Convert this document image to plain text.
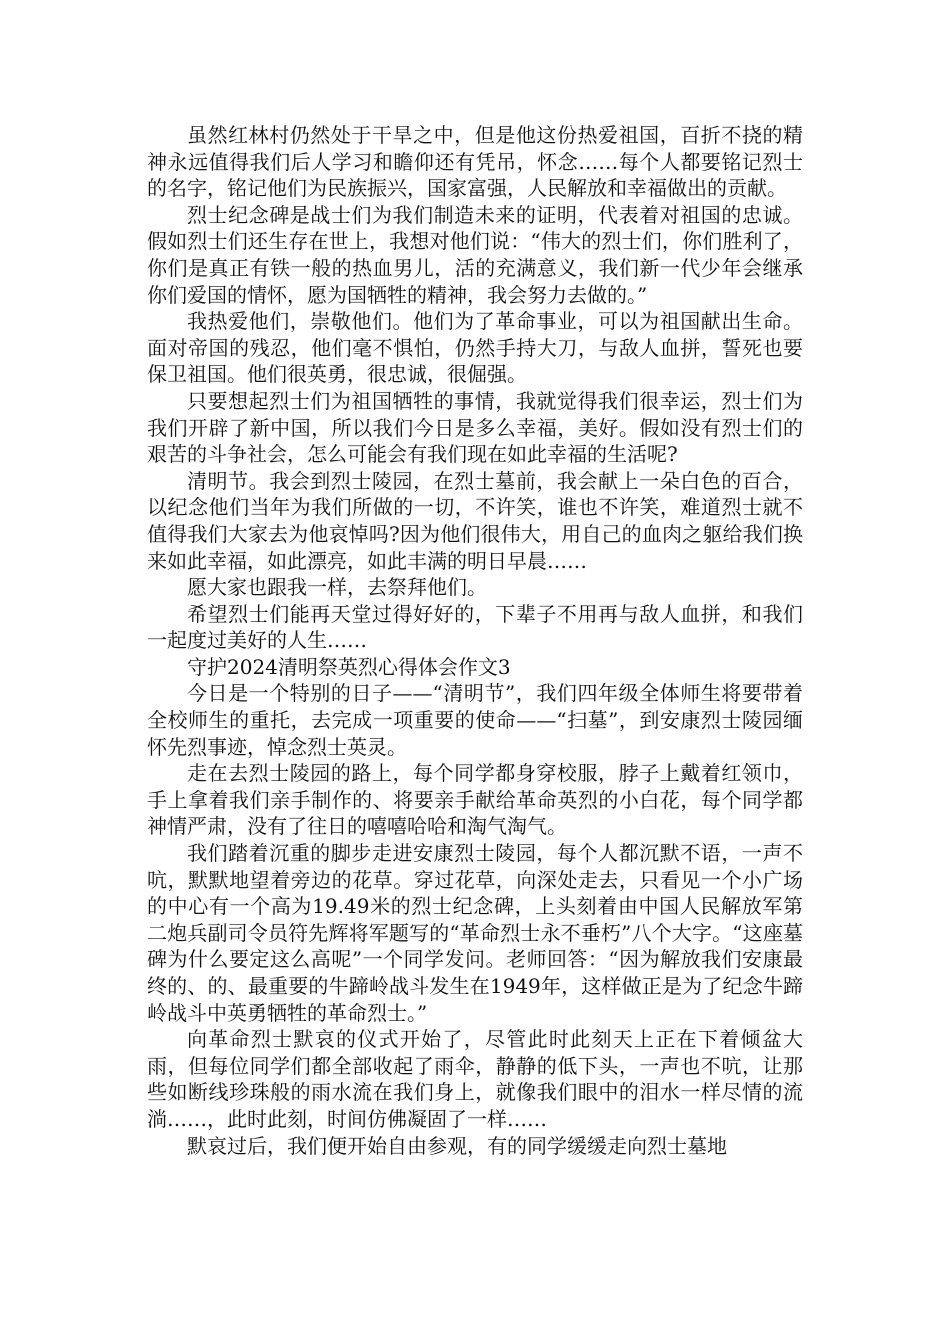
虽然红林村仍然处于干旱之中，但是他这份热爱祖国，百折不挠的精神永远值得我们后人学习和瞻仰还有凭吊，怀念……每个人都要铭记烈士的名字，铭记他们为民族振兴，国家富强，人民解放和幸福做出的贡献。

烈士纪念碑是战士们为我们制造未来的证明，代表着对祖国的忠诚。假如烈士们还生存在世上，我想对他们说：“伟大的烈士们，你们胜利了，你们是真正有铁一般的热血男儿，活的充满意义，我们新一代少年会继承你们爱国的情怀，愿为国牺牲的精神，我会努力去做的。”

我热爱他们，崇敬他们。他们为了革命事业，可以为祖国献出生命。面对帝国的残忍，他们毫不惧怕，仍然手持大刀，与敌人血拼，誓死也要保卫祖国。他们很英勇，很忠诚，很倔强。

只要想起烈士们为祖国牺牲的事情，我就觉得我们很幸运，烈士们为我们开辟了新中国，所以我们今日是多么幸福，美好。假如没有烈士们的艰苦的斗争社会，怎么可能会有我们现在如此幸福的生活呢?

清明节。我会到烈士陵园，在烈士墓前，我会献上一朵白色的百合，以纪念他们当年为我们所做的一切，不许笑，谁也不许笑，难道烈士就不值得我们大家去为他哀悼吗?因为他们很伟大，用自己的血肉之躯给我们换来如此幸福，如此漂亮，如此丰满的明日早晨……

愿大家也跟我一样，去祭拜他们。

希望烈士们能再天堂过得好好的，下辈子不用再与敌人血拼，和我们一起度过美好的人生……

守护2024清明祭英烈心得体会作文3

今日是一个特别的日子——“清明节”，我们四年级全体师生将要带着全校师生的重托，去完成一项重要的使命——“扫墓”，到安康烈士陵园缅怀先烈事迹，悼念烈士英灵。

走在去烈士陵园的路上，每个同学都身穿校服，脖子上戴着红领巾，手上拿着我们亲手制作的、将要亲手献给革命英烈的小白花，每个同学都神情严肃，没有了往日的嘻嘻哈哈和淘气淘气。

我们踏着沉重的脚步走进安康烈士陵园，每个人都沉默不语，一声不吭，默默地望着旁边的花草。穿过花草，向深处走去，只看见一个小广场的中心有一个高为19.49米的烈士纪念碑，上头刻着由中国人民解放军第二炮兵副司令员符先辉将军题写的“革命烈士永不垂朽”八个大字。“这座墓碑为什么要定这么高呢”一个同学发问。老师回答：“因为解放我们安康最终的、的、最重要的牛蹄岭战斗发生在1949年，这样做正是为了纪念牛蹄岭战斗中英勇牺牲的革命烈士。”

向革命烈士默哀的仪式开始了，尽管此时此刻天上正在下着倾盆大雨，但每位同学们都全部收起了雨伞，静静的低下头，一声也不吭，让那些如断线珍珠般的雨水流在我们身上，就像我们眼中的泪水一样尽情的流淌……，此时此刻，时间仿佛凝固了一样……

默哀过后，我们便开始自由参观，有的同学缓缓走向烈士墓地
